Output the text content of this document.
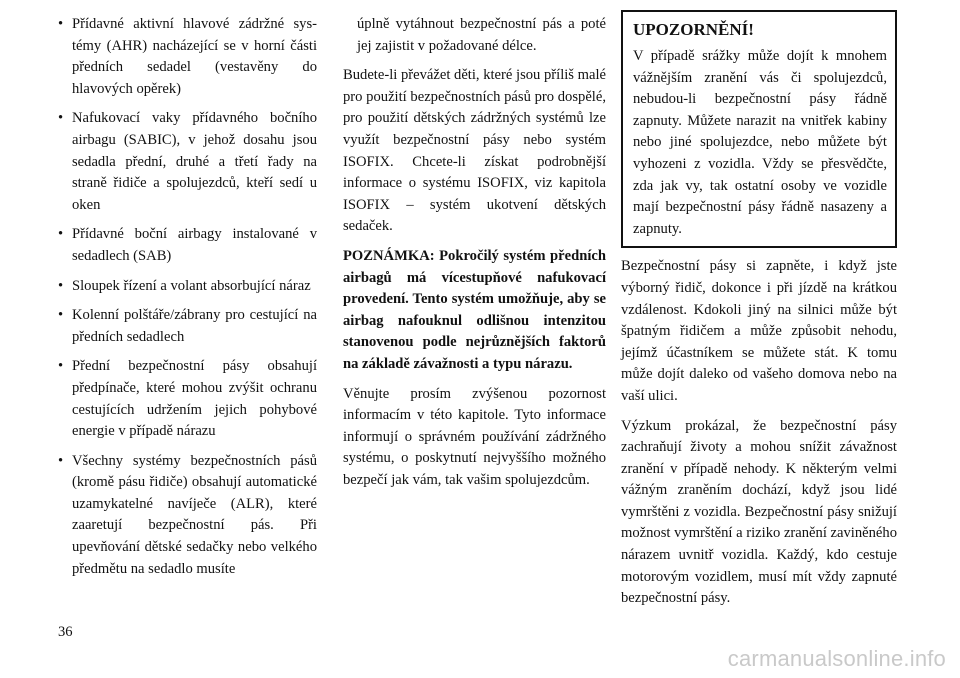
• Přídavné aktivní hlavové zádržné systémy (AHR) nacházející se v horní části předních sedadel (vestavěny do hlavových opěrek)
• Nafukovací vaky přídavného bočního airbagu (SABIC), v jehož dosahu jsou sedadla přední, druhé a třetí řady na straně řidiče a spolujezdců, kteří sedí u oken
• Přídavné boční airbagy instalované v sedadlech (SAB)
• Sloupek řízení a volant absorbující náraz
• Kolenní polštáře/zábrany pro cestující na předních sedadlech
• Přední bezpečnostní pásy obsahují předpínače, které mohou zvýšit ochranu cestujících udržením jejich pohybové energie v případě nárazu
• Všechny systémy bezpečnostních pásů (kromě pásu řidiče) obsahují automatické uzamykatelné navíječe (ALR), které zaaretují bezpečnostní pás. Při upevňování dětské sedačky nebo velkého předmětu na sedadlo musíte
úplně vytáhnout bezpečnostní pás a poté jej zajistit v požadované délce.

Budete-li převážet děti, které jsou příliš malé pro použití bezpečnostních pásů pro dospělé, pro použití dětských zádržných systémů lze využít bezpečnostní pásy nebo systém ISOFIX. Chcete-li získat podrobnější informace o systému ISOFIX, viz kapitola ISOFIX – systém ukotvení dětských sedaček.

POZNÁMKA: Pokročilý systém předních airbagů má vícestupňové nafukovací provedení. Tento systém umožňuje, aby se airbag nafouknul odlišnou intenzitou stanovenou podle nejrůznějších faktorů na základě závažnosti a typu nárazu.

Věnujte prosím zvýšenou pozornost informacím v této kapitole. Tyto informace informují o správném používání zádržného systému, o poskytnutí nejvyššího možného bezpečí jak vám, tak vašim spolujezdcům.

UPOZORNĚNÍ!
V případě srážky může dojít k mnohem vážnějším zranění vás či spolujezdců, nebudou-li bezpečnostní pásy řádně zapnuty. Můžete narazit na vnitřek kabiny nebo jiné spolujezdce, nebo můžete být vyhozeni z vozidla. Vždy se přesvědčte, zda jak vy, tak ostatní osoby ve vozidle mají bezpečnostní pásy řádně nasazeny a zapnuty.

Bezpečnostní pásy si zapněte, i když jste výborný řidič, dokonce i při jízdě na krátkou vzdálenost. Kdokoli jiný na silnici může být špatným řidičem a může způsobit nehodu, jejímž účastníkem se můžete stát. K tomu může dojít daleko od vašeho domova nebo na vaší ulici.

Výzkum prokázal, že bezpečnostní pásy zachraňují životy a mohou snížit závažnost zranění v případě nehody. K některým velmi vážným zraněním dochází, když jsou lidé vymrštěni z vozidla. Bezpečnostní pásy snižují možnost vymrštění a riziko zranění zaviněného nárazem uvnitř vozidla. Každý, kdo cestuje motorovým vozidlem, musí mít vždy zapnuté bezpečnostní pásy.

36
carmanualsonline.info
